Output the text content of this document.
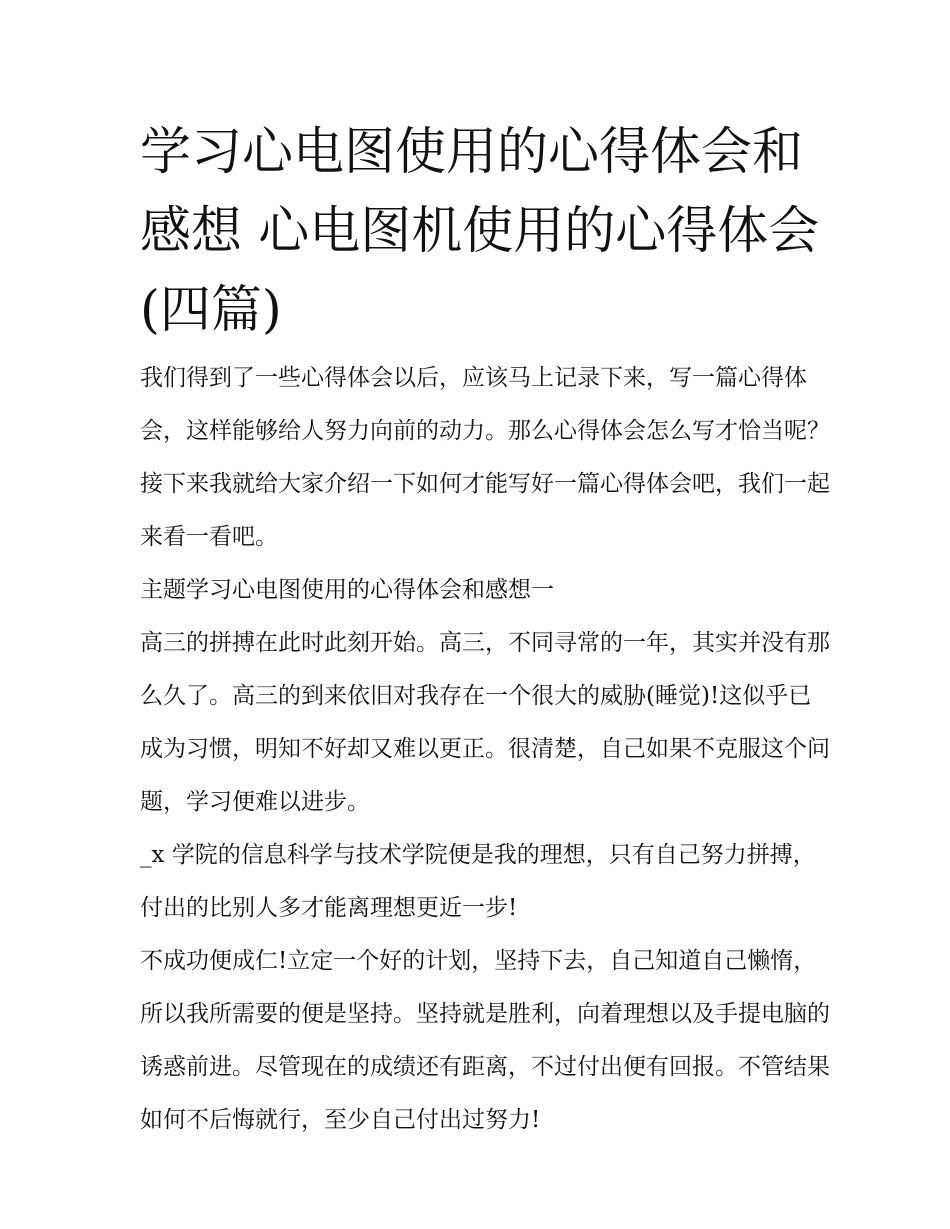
学习心电图使用的心得体会和感想 心电图机使用的心得体会(四篇)

我们得到了一些心得体会以后，应该马上记录下来，写一篇心得体会，这样能够给人努力向前的动力。那么心得体会怎么写才恰当呢？接下来我就给大家介绍一下如何才能写好一篇心得体会吧，我们一起来看一看吧。

主题学习心电图使用的心得体会和感想一

高三的拼搏在此时此刻开始。高三，不同寻常的一年，其实并没有那么久了。高三的到来依旧对我存在一个很大的威胁(睡觉)!这似乎已成为习惯，明知不好却又难以更正。很清楚，自己如果不克服这个问题，学习便难以进步。

_x 学院的信息科学与技术学院便是我的理想，只有自己努力拼搏，付出的比别人多才能离理想更近一步!

不成功便成仁!立定一个好的计划，坚持下去，自己知道自己懒惰，所以我所需要的便是坚持。坚持就是胜利，向着理想以及手提电脑的诱惑前进。尽管现在的成绩还有距离，不过付出便有回报。不管结果如何不后悔就行，至少自己付出过努力!
